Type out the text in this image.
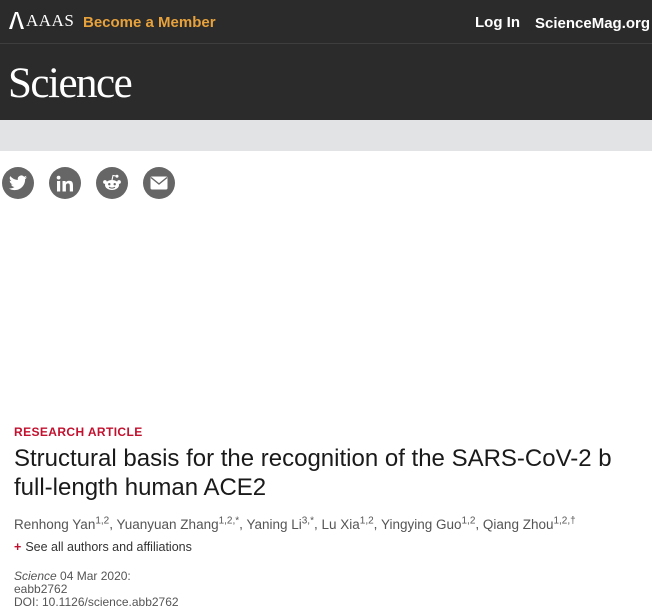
AAAS Become a Member	Log In ScienceMag.org
Science
RESEARCH ARTICLE
Structural basis for the recognition of the SARS-CoV-2 b
full-length human ACE2
Renhong Yan$^{1,2}$, Yuanyuan Zhang$^{1,2,*}$, Yaning $Li^{3,*}$, Lu Xia$^{1,2}$, Yingying Guo$^{1,2}$, Qiang Zhou$^{1,2,\dagger}$
+ See all authors and affiliations
Science 04 Mar 2020:
eabb2762
DOI: 10.1126/science.abb2762
